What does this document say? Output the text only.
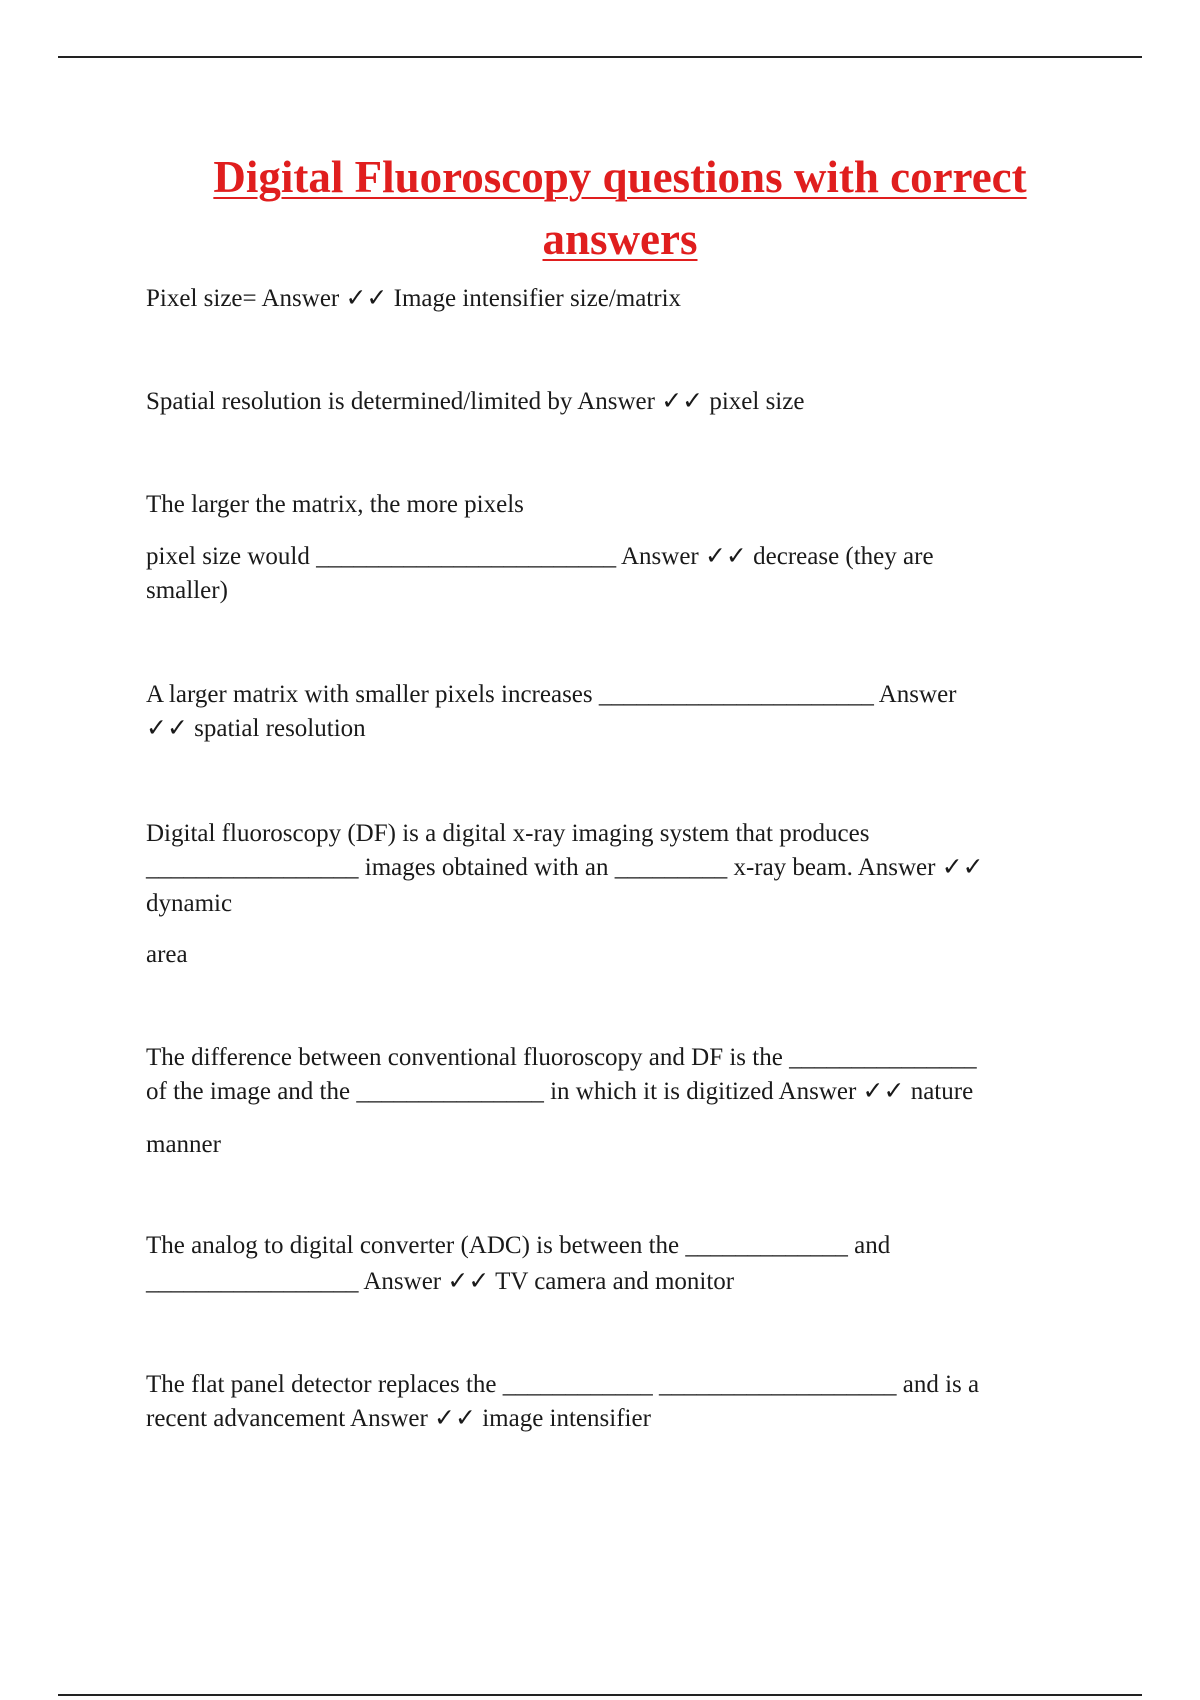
Digital Fluoroscopy questions with correct
answers

Pixel size= Answer ✓✓ Image intensifier size/matrix

Spatial resolution is determined/limited by Answer ✓✓ pixel size

The larger the matrix, the more pixels

pixel size would ________________________ Answer ✓✓ decrease (they are

smaller)

A larger matrix with smaller pixels increases ______________________ Answer

✓✓ spatial resolution

Digital fluoroscopy (DF) is a digital x-ray imaging system that produces

_________________ images obtained with an _________ x-ray beam. Answer ✓✓

dynamic

area

The difference between conventional fluoroscopy and DF is the _______________

of the image and the _______________ in which it is digitized Answer ✓✓ nature

manner

The analog to digital converter (ADC) is between the _____________ and

_________________ Answer ✓✓ TV camera and monitor

The flat panel detector replaces the ____________ ___________________ and is a

recent advancement Answer ✓✓ image intensifier
